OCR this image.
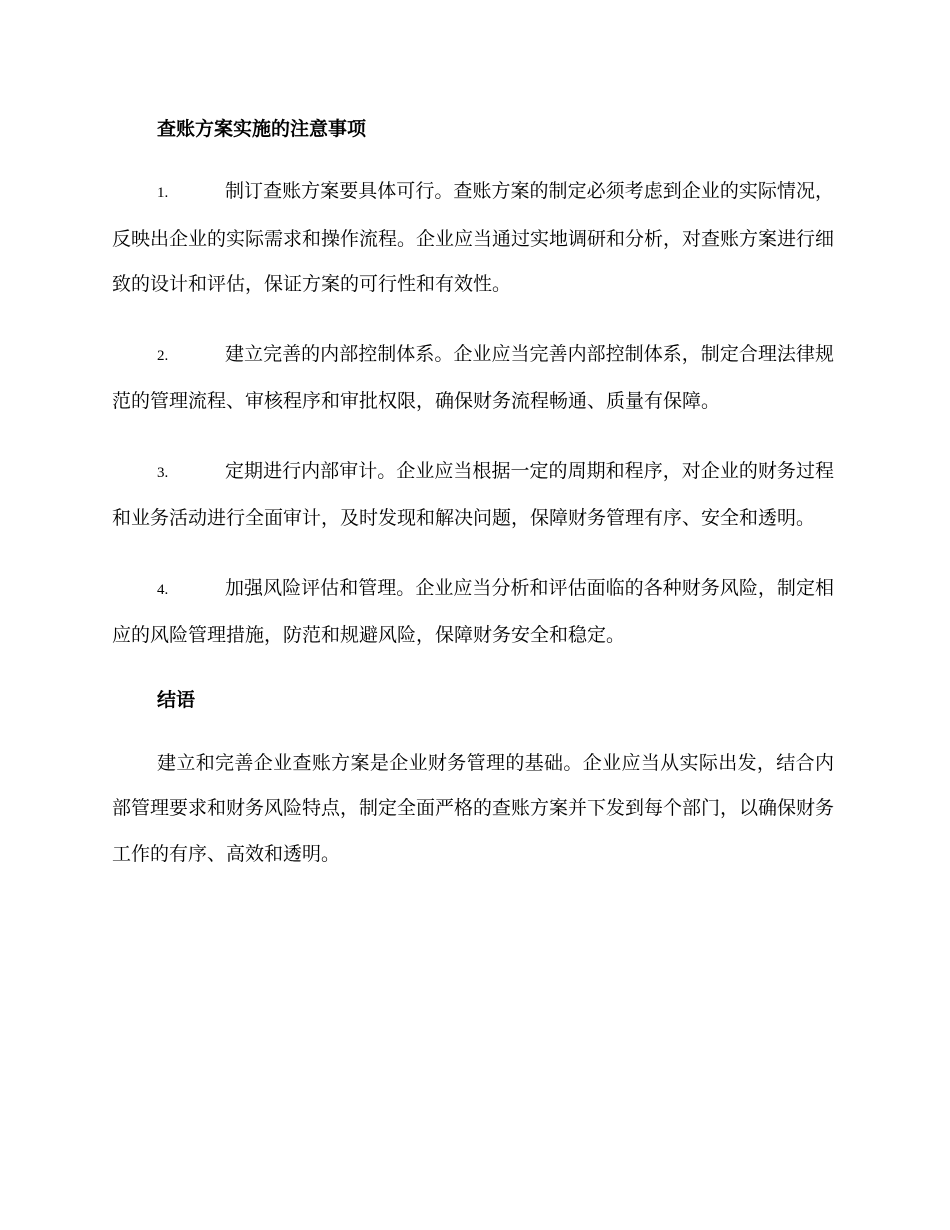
查账方案实施的注意事项

1.	制订查账方案要具体可行。查账方案的制定必须考虑到企业的实际情况，反映出企业的实际需求和操作流程。企业应当通过实地调研和分析，对查账方案进行细致的设计和评估，保证方案的可行性和有效性。

2.	建立完善的内部控制体系。企业应当完善内部控制体系，制定合理法律规范的管理流程、审核程序和审批权限，确保财务流程畅通、质量有保障。

3.	定期进行内部审计。企业应当根据一定的周期和程序，对企业的财务过程和业务活动进行全面审计，及时发现和解决问题，保障财务管理有序、安全和透明。

4.	加强风险评估和管理。企业应当分析和评估面临的各种财务风险，制定相应的风险管理措施，防范和规避风险，保障财务安全和稳定。

结语

建立和完善企业查账方案是企业财务管理的基础。企业应当从实际出发，结合内部管理要求和财务风险特点，制定全面严格的查账方案并下发到每个部门，以确保财务工作的有序、高效和透明。
